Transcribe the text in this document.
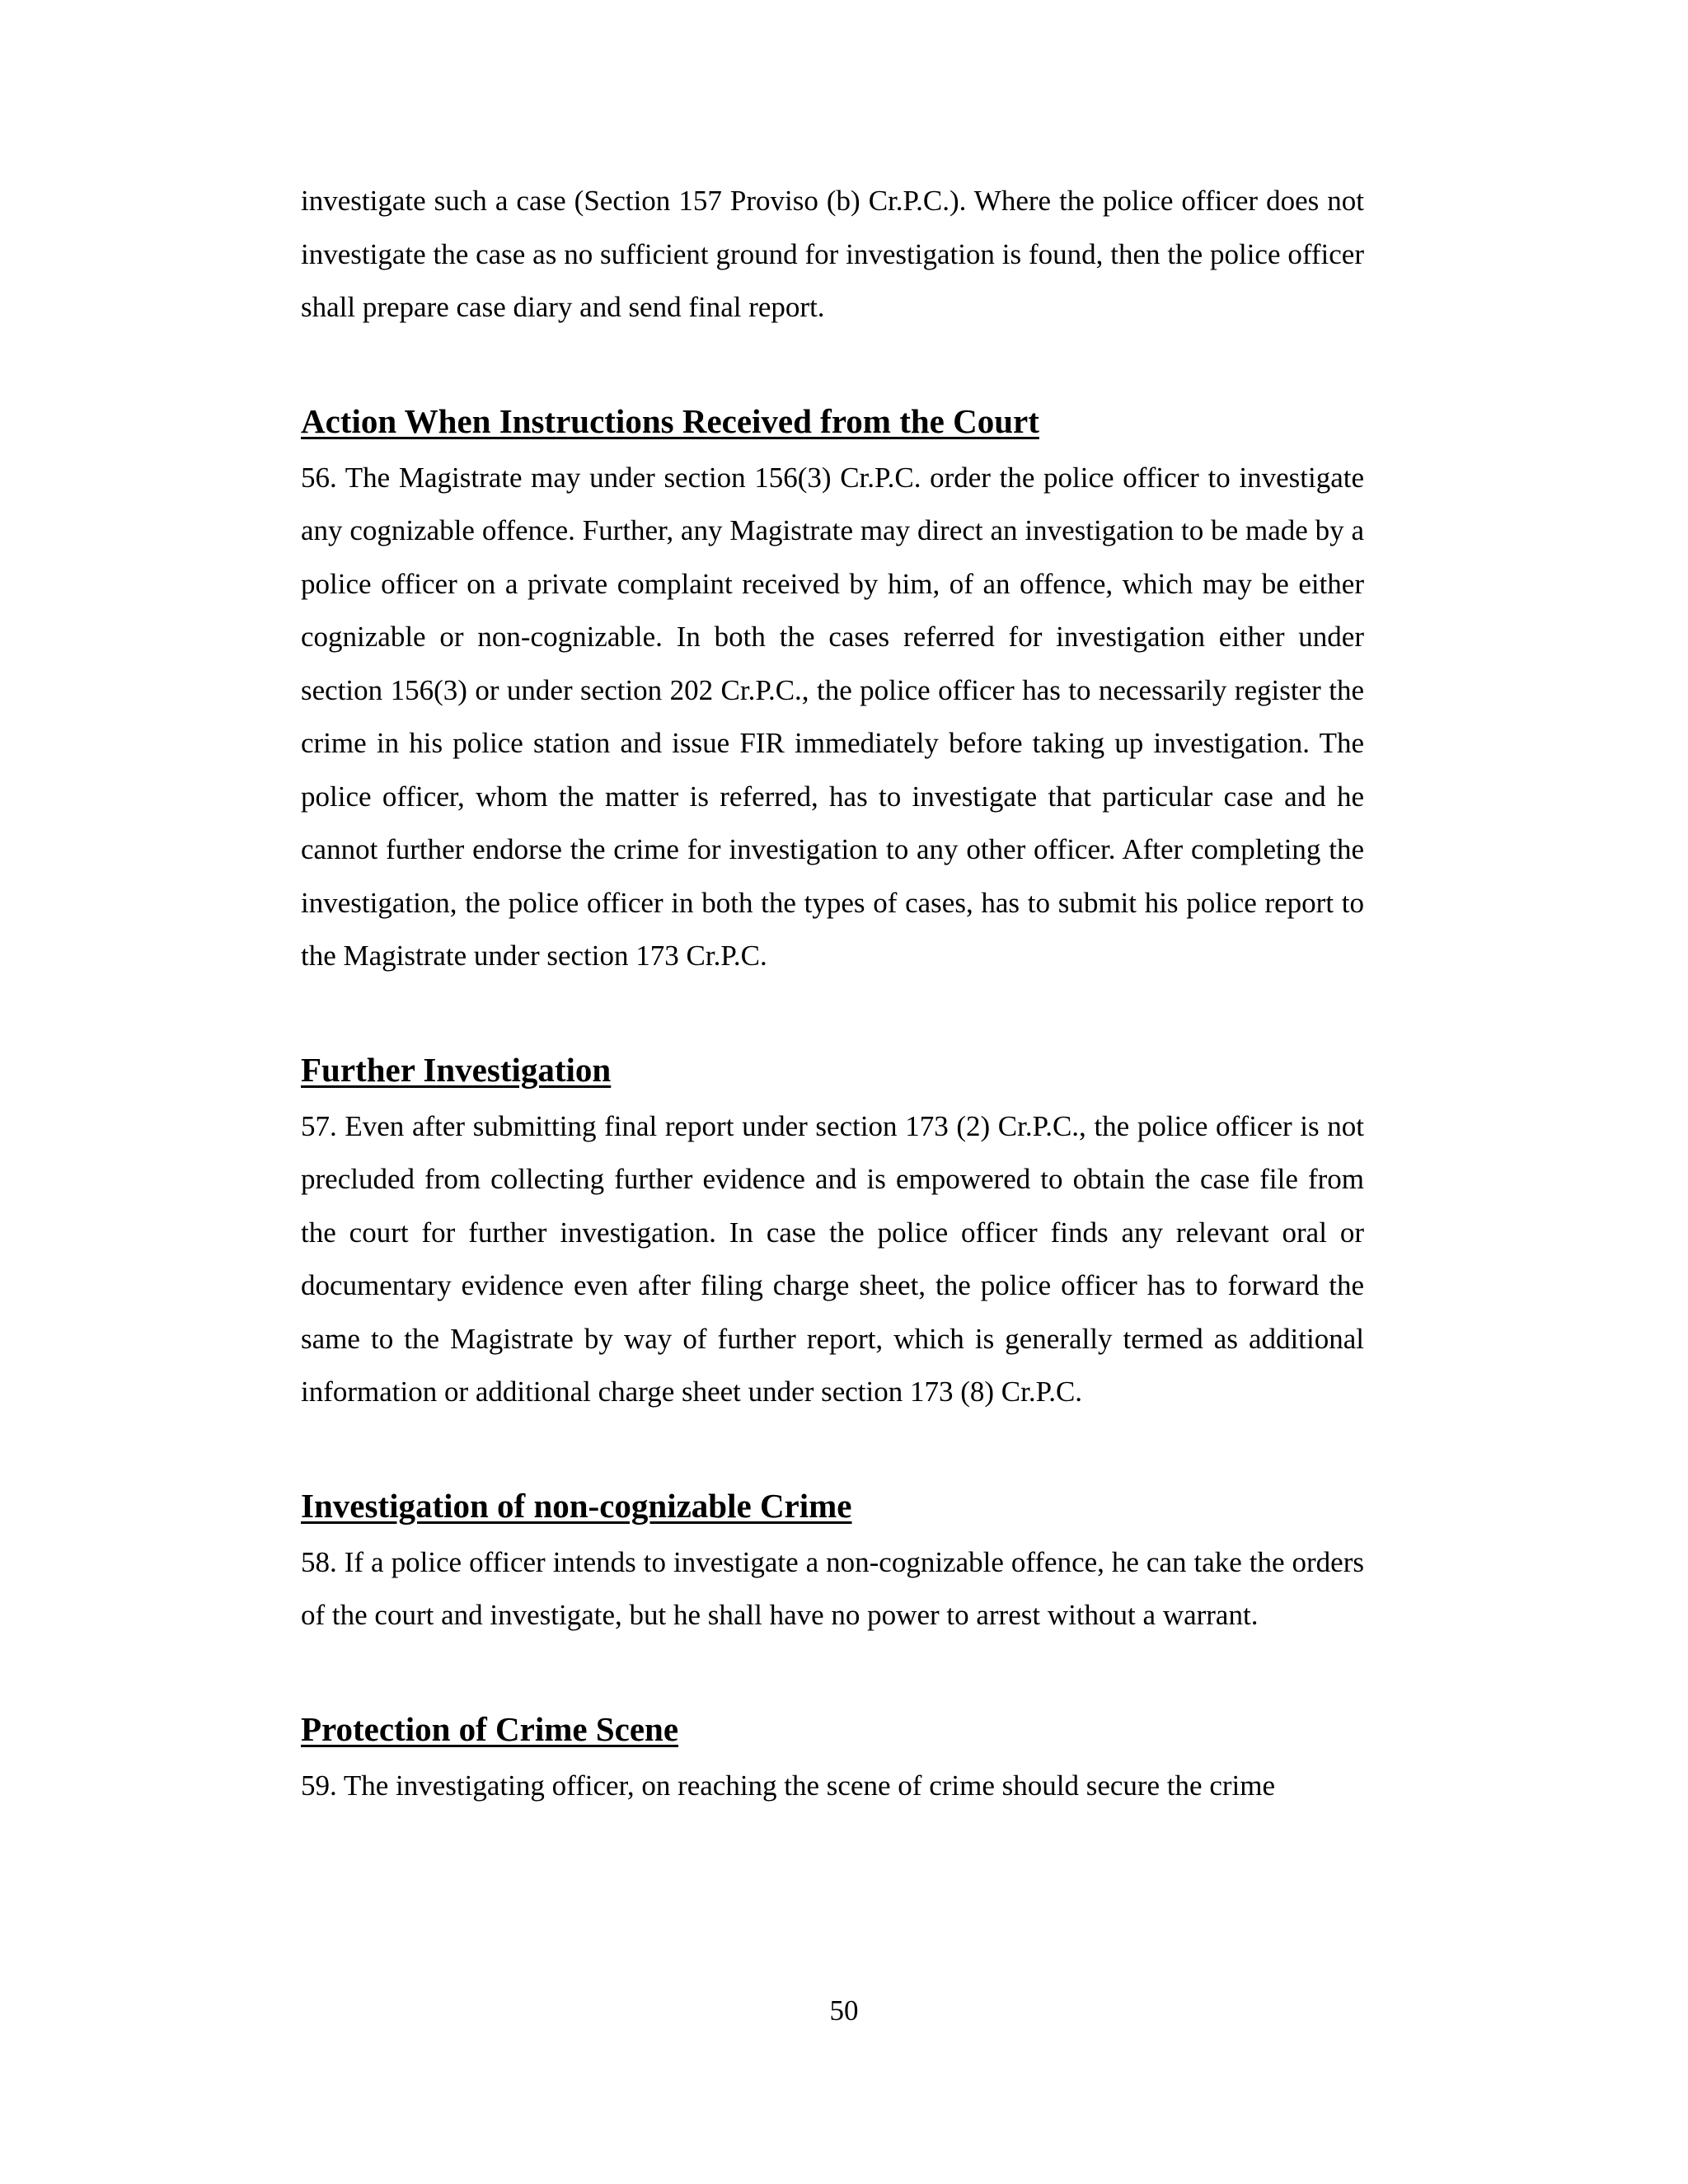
investigate such a case (Section 157 Proviso (b) Cr.P.C.). Where the police officer does not investigate the case as no sufficient ground for investigation is found, then the police officer shall prepare case diary and send final report.

Action When Instructions Received from the Court

56. The Magistrate may under section 156(3) Cr.P.C. order the police officer to investigate any cognizable offence. Further, any Magistrate may direct an investigation to be made by a police officer on a private complaint received by him, of an offence, which may be either cognizable or non-cognizable. In both the cases referred for investigation either under section 156(3) or under section 202 Cr.P.C., the police officer has to necessarily register the crime in his police station and issue FIR immediately before taking up investigation. The police officer, whom the matter is referred, has to investigate that particular case and he cannot further endorse the crime for investigation to any other officer. After completing the investigation, the police officer in both the types of cases, has to submit his police report to the Magistrate under section 173 Cr.P.C.

Further Investigation

57. Even after submitting final report under section 173 (2) Cr.P.C., the police officer is not precluded from collecting further evidence and is empowered to obtain the case file from the court for further investigation. In case the police officer finds any relevant oral or documentary evidence even after filing charge sheet, the police officer has to forward the same to the Magistrate by way of further report, which is generally termed as additional information or additional charge sheet under section 173 (8) Cr.P.C.

Investigation of non-cognizable Crime

58. If a police officer intends to investigate a non-cognizable offence, he can take the orders of the court and investigate, but he shall have no power to arrest without a warrant.

Protection of Crime Scene

59. The investigating officer, on reaching the scene of crime should secure the crime

50
